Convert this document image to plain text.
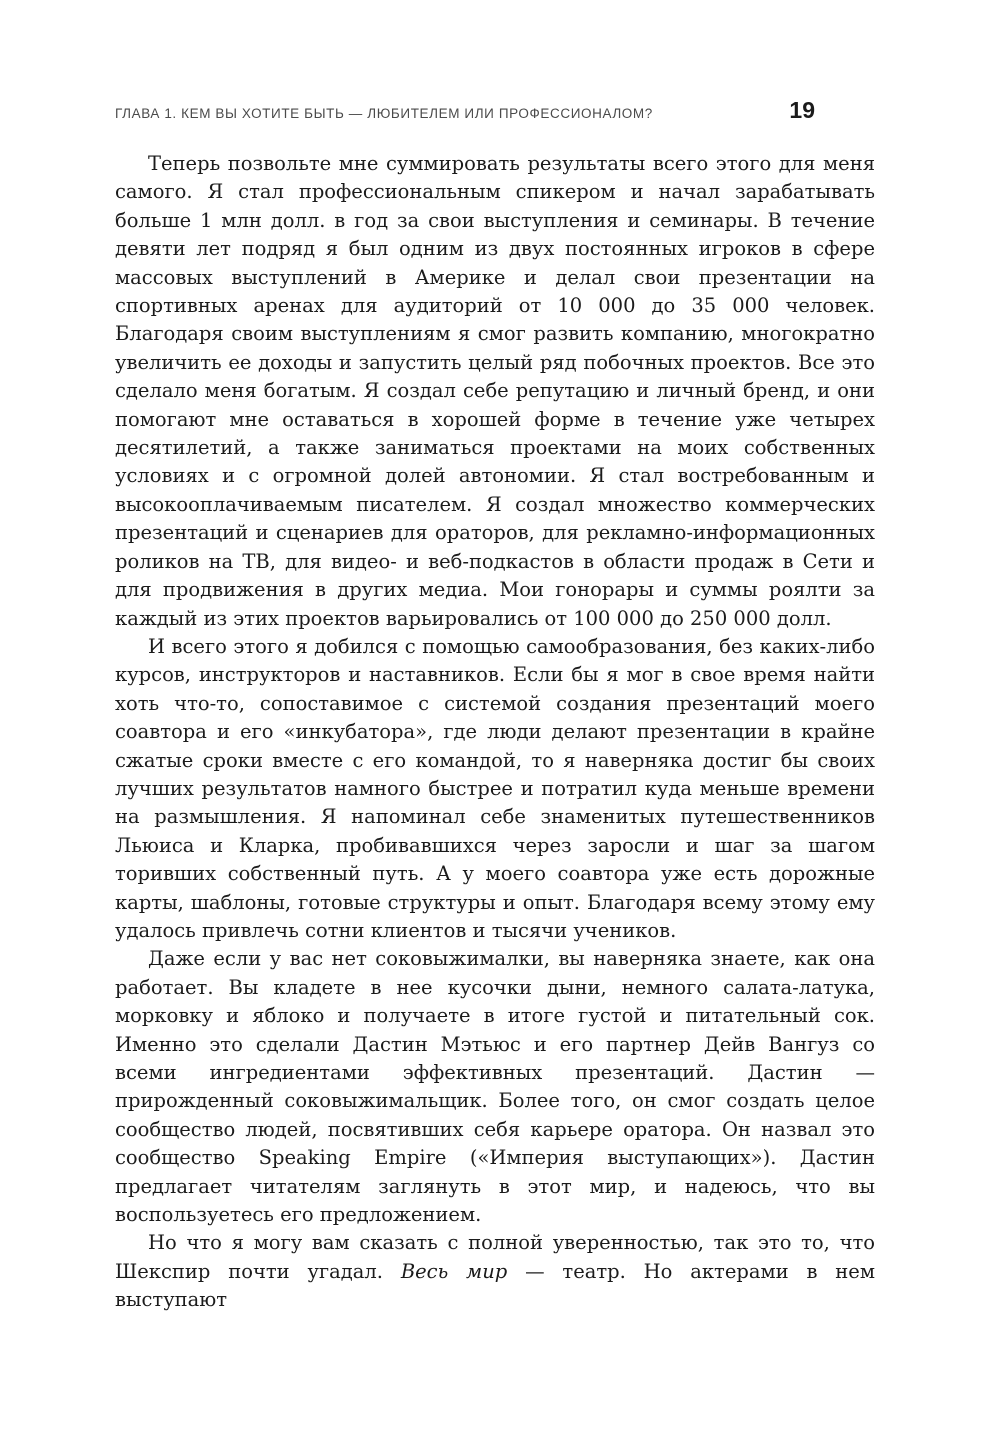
ГЛАВА 1. КЕМ ВЫ ХОТИТЕ БЫТЬ — ЛЮБИТЕЛЕМ ИЛИ ПРОФЕССИОНАЛОМ?	19

Теперь позвольте мне суммировать результаты всего этого для меня самого. Я стал профессиональным спикером и начал зарабатывать больше 1 млн долл. в год за свои выступления и семинары. В течение девяти лет подряд я был одним из двух постоянных игроков в сфере массовых выступлений в Америке и делал свои презентации на спортивных аренах для аудиторий от 10 000 до 35 000 человек. Благодаря своим выступлениям я смог развить компанию, многократно увеличить ее доходы и запустить целый ряд побочных проектов. Все это сделало меня богатым. Я создал себе репутацию и личный бренд, и они помогают мне оставаться в хорошей форме в течение уже четырех десятилетий, а также заниматься проектами на моих собственных условиях и с огромной долей автономии. Я стал востребованным и высокооплачиваемым писателем. Я создал множество коммерческих презентаций и сценариев для ораторов, для рекламно-информационных роликов на ТВ, для видео- и веб-подкастов в области продаж в Сети и для продвижения в других медиа. Мои гонорары и суммы роялти за каждый из этих проектов варьировались от 100 000 до 250 000 долл.

И всего этого я добился с помощью самообразования, без каких-либо курсов, инструкторов и наставников. Если бы я мог в свое время найти хоть что-то, сопоставимое с системой создания презентаций моего соавтора и его «инкубатора», где люди делают презентации в крайне сжатые сроки вместе с его командой, то я наверняка достиг бы своих лучших результатов намного быстрее и потратил куда меньше времени на размышления. Я напоминал себе знаменитых путешественников Льюиса и Кларка, пробивавшихся через заросли и шаг за шагом торивших собственный путь. А у моего соавтора уже есть дорожные карты, шаблоны, готовые структуры и опыт. Благодаря всему этому ему удалось привлечь сотни клиентов и тысячи учеников.

Даже если у вас нет соковыжималки, вы наверняка знаете, как она работает. Вы кладете в нее кусочки дыни, немного салата-латука, морковку и яблоко и получаете в итоге густой и питательный сок. Именно это сделали Дастин Мэтьюс и его партнер Дейв Вангуз со всеми ингредиентами эффективных презентаций. Дастин — прирожденный соковыжимальщик. Более того, он смог создать целое сообщество людей, посвятивших себя карьере оратора. Он назвал это сообщество Speaking Empire («Империя выступающих»). Дастин предлагает читателям заглянуть в этот мир, и надеюсь, что вы воспользуетесь его предложением.

Но что я могу вам сказать с полной уверенностью, так это то, что Шекспир почти угадал. Весь мир — театр. Но актерами в нем выступают
